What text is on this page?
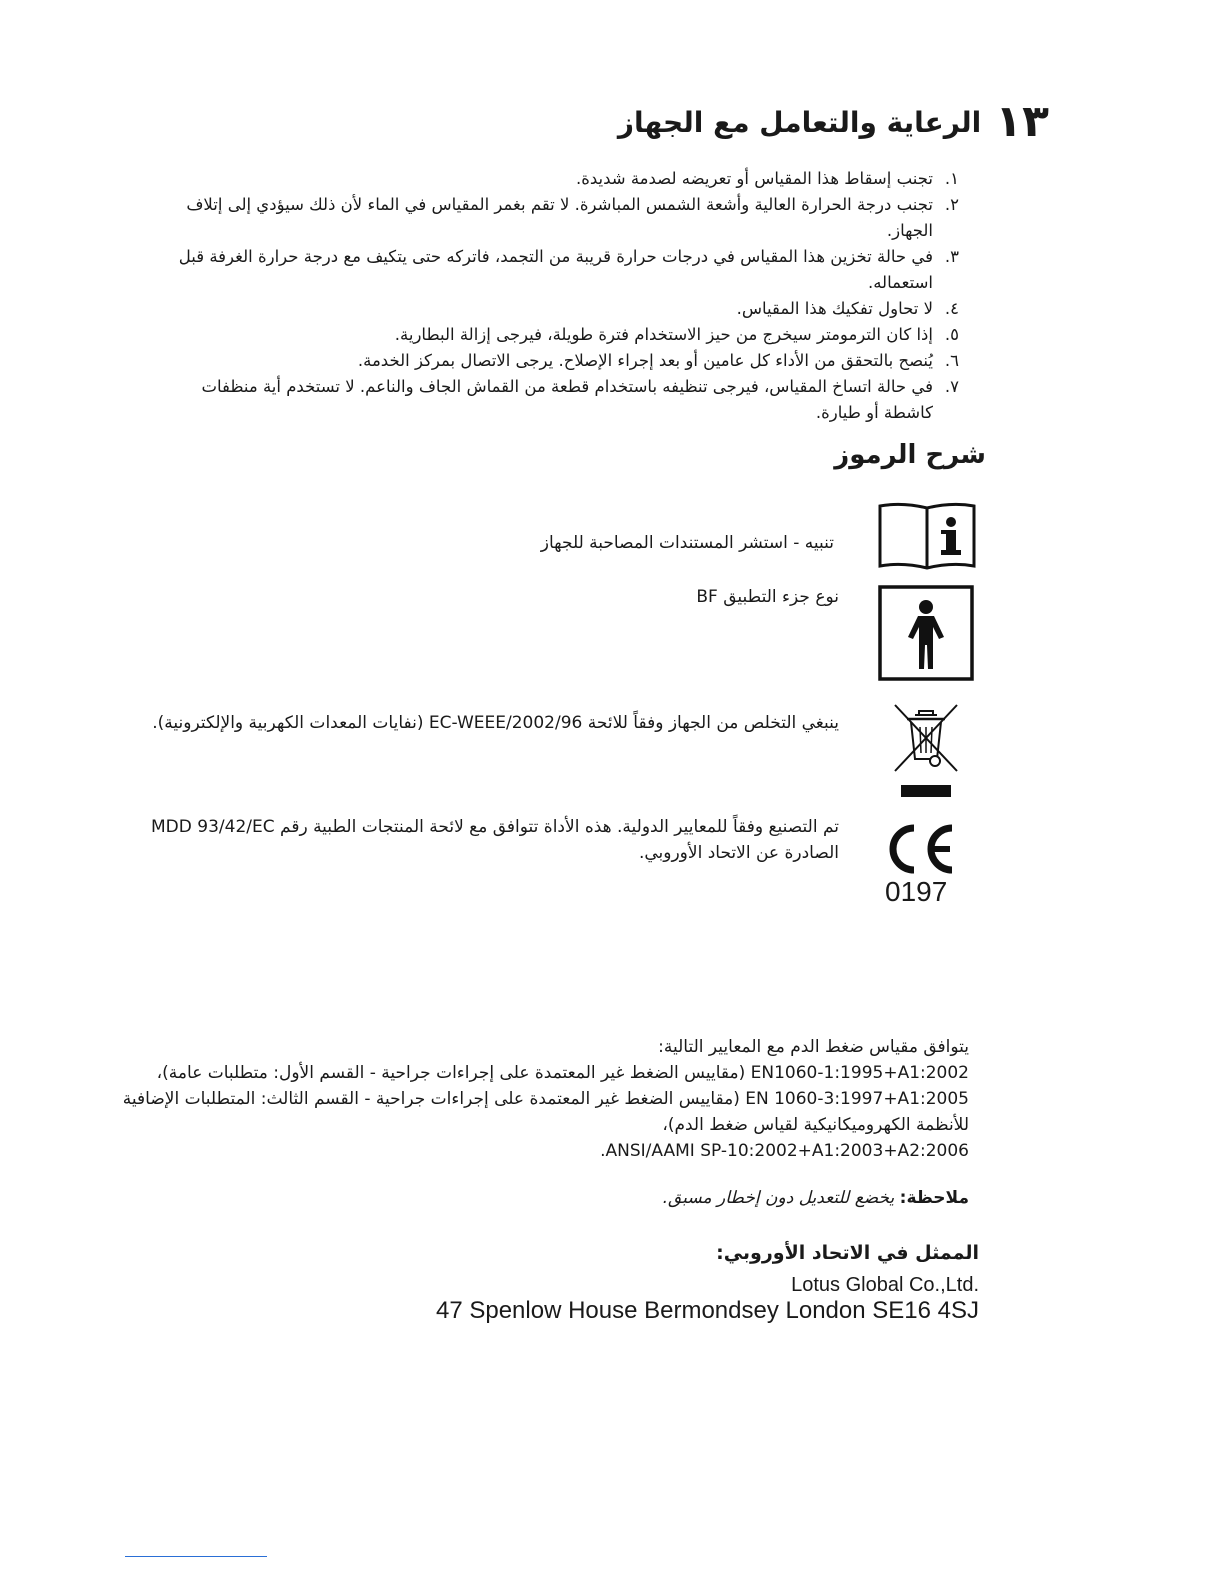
١٣
الرعاية والتعامل مع الجهاز
١.
تجنب إسقاط هذا المقياس أو تعريضه لصدمة شديدة.
٢.
تجنب درجة الحرارة العالية وأشعة الشمس المباشرة. لا تقم بغمر المقياس في الماء لأن ذلك سيؤدي إلى إتلاف الجهاز.
٣.
في حالة تخزين هذا المقياس في درجات حرارة قريبة من التجمد، فاتركه حتى يتكيف مع درجة حرارة الغرفة قبل استعماله.
٤.
لا تحاول تفكيك هذا المقياس.
٥.
إذا كان الترمومتر سيخرج من حيز الاستخدام فترة طويلة، فيرجى إزالة البطارية.
٦.
يُنصح بالتحقق من الأداء كل عامين أو بعد إجراء الإصلاح. يرجى الاتصال بمركز الخدمة.
٧.
في حالة اتساخ المقياس، فيرجى تنظيفه باستخدام قطعة من القماش الجاف والناعم. لا تستخدم أية منظفات كاشطة أو طيارة.
شرح الرموز
تنبيه - استشر المستندات المصاحبة للجهاز
نوع جزء التطبيق BF
ينبغي التخلص من الجهاز وفقاً للائحة 2002/96/EC-WEEE (نفايات المعدات الكهربية والإلكترونية).
0197
تم التصنيع وفقاً للمعايير الدولية. هذه الأداة تتوافق مع لائحة المنتجات الطبية رقم MDD 93/42/EC الصادرة عن الاتحاد الأوروبي.

يتوافق مقياس ضغط الدم مع المعايير التالية:

EN1060-1:1995+A1:2002 (مقاييس الضغط غير المعتمدة على إجراءات جراحية - القسم الأول: متطلبات عامة)،

EN 1060-3:1997+A1:2005 (مقاييس الضغط غير المعتمدة على إجراءات جراحية - القسم الثالث: المتطلبات الإضافية للأنظمة الكهروميكانيكية لقياس ضغط الدم)،

ANSI/AAMI SP-10:2002+A1:2003+A2:2006.

ملاحظة: يخضع للتعديل دون إخطار مسبق.
الممثل في الاتحاد الأوروبي:
Lotus Global Co.,Ltd.
47 Spenlow House Bermondsey London SE16 4SJ
